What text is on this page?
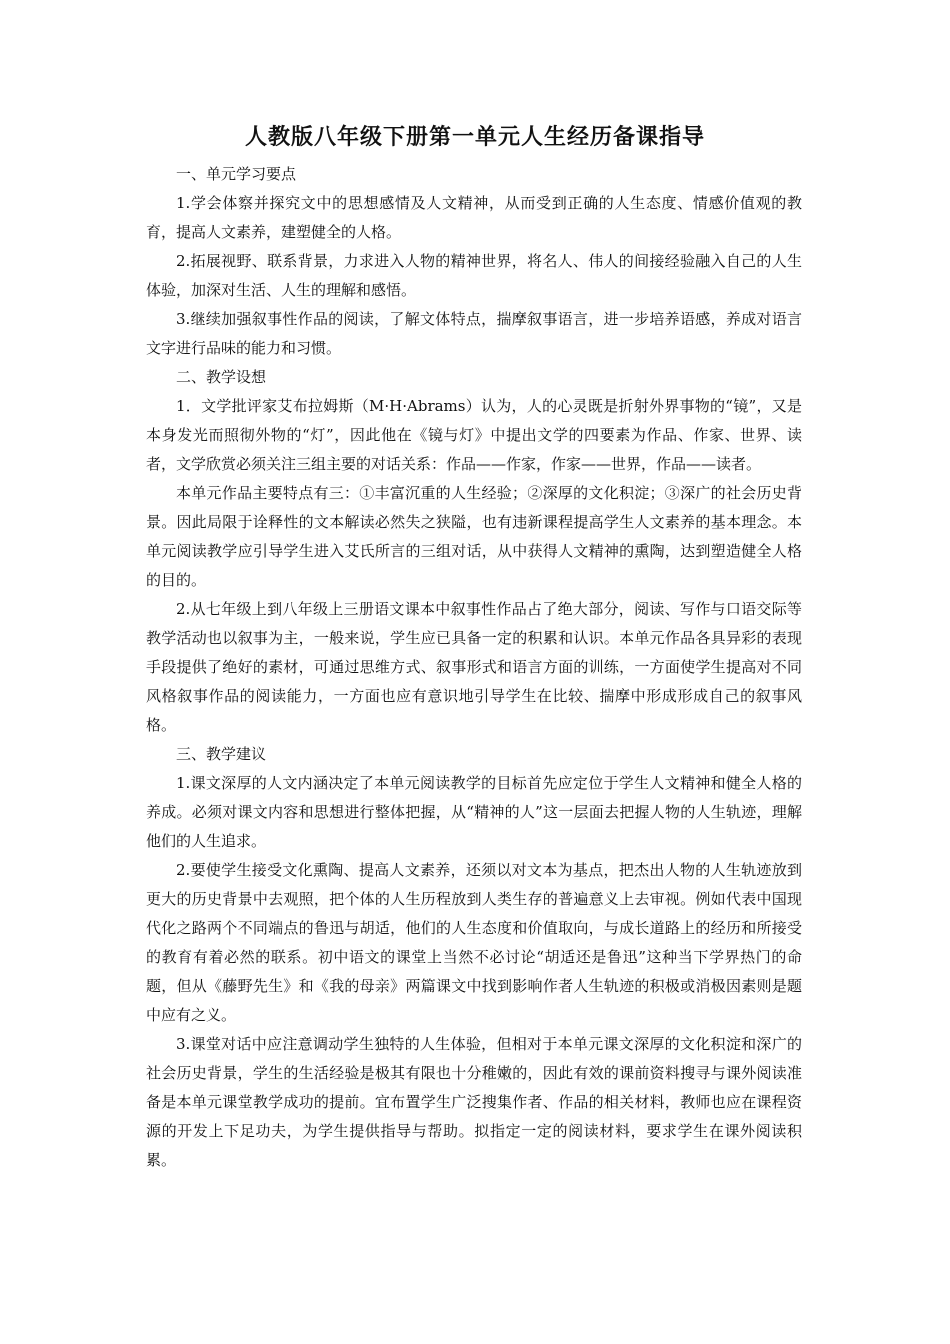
人教版八年级下册第一单元人生经历备课指导
一、单元学习要点

1.学会体察并探究文中的思想感情及人文精神，从而受到正确的人生态度、情感价值观的教育，提高人文素养，建塑健全的人格。

2.拓展视野、联系背景，力求进入人物的精神世界，将名人、伟人的间接经验融入自己的人生体验，加深对生活、人生的理解和感悟。

3.继续加强叙事性作品的阅读，了解文体特点，揣摩叙事语言，进一步培养语感，养成对语言文字进行品味的能力和习惯。

二、教学设想

1．文学批评家艾布拉姆斯（M·H·Abrams）认为，人的心灵既是折射外界事物的“镜”，又是本身发光而照彻外物的“灯”，因此他在《镜与灯》中提出文学的四要素为作品、作家、世界、读者，文学欣赏必须关注三组主要的对话关系：作品——作家，作家——世界，作品——读者。

本单元作品主要特点有三：①丰富沉重的人生经验；②深厚的文化积淀；③深广的社会历史背景。因此局限于诠释性的文本解读必然失之狭隘，也有违新课程提高学生人文素养的基本理念。本单元阅读教学应引导学生进入艾氏所言的三组对话，从中获得人文精神的熏陶，达到塑造健全人格的目的。

2.从七年级上到八年级上三册语文课本中叙事性作品占了绝大部分，阅读、写作与口语交际等教学活动也以叙事为主，一般来说，学生应已具备一定的积累和认识。本单元作品各具异彩的表现手段提供了绝好的素材，可通过思维方式、叙事形式和语言方面的训练，一方面使学生提高对不同风格叙事作品的阅读能力，一方面也应有意识地引导学生在比较、揣摩中形成形成自己的叙事风格。

三、教学建议

1.课文深厚的人文内涵决定了本单元阅读教学的目标首先应定位于学生人文精神和健全人格的养成。必须对课文内容和思想进行整体把握，从“精神的人”这一层面去把握人物的人生轨迹，理解他们的人生追求。

2.要使学生接受文化熏陶、提高人文素养，还须以对文本为基点，把杰出人物的人生轨迹放到更大的历史背景中去观照，把个体的人生历程放到人类生存的普遍意义上去审视。例如代表中国现代化之路两个不同端点的鲁迅与胡适，他们的人生态度和价值取向，与成长道路上的经历和所接受的教育有着必然的联系。初中语文的课堂上当然不必讨论“胡适还是鲁迅”这种当下学界热门的命题，但从《藤野先生》和《我的母亲》两篇课文中找到影响作者人生轨迹的积极或消极因素则是题中应有之义。

3.课堂对话中应注意调动学生独特的人生体验，但相对于本单元课文深厚的文化积淀和深广的社会历史背景，学生的生活经验是极其有限也十分稚嫩的，因此有效的课前资料搜寻与课外阅读准备是本单元课堂教学成功的提前。宜布置学生广泛搜集作者、作品的相关材料，教师也应在课程资源的开发上下足功夫，为学生提供指导与帮助。拟指定一定的阅读材料，要求学生在课外阅读积累。
